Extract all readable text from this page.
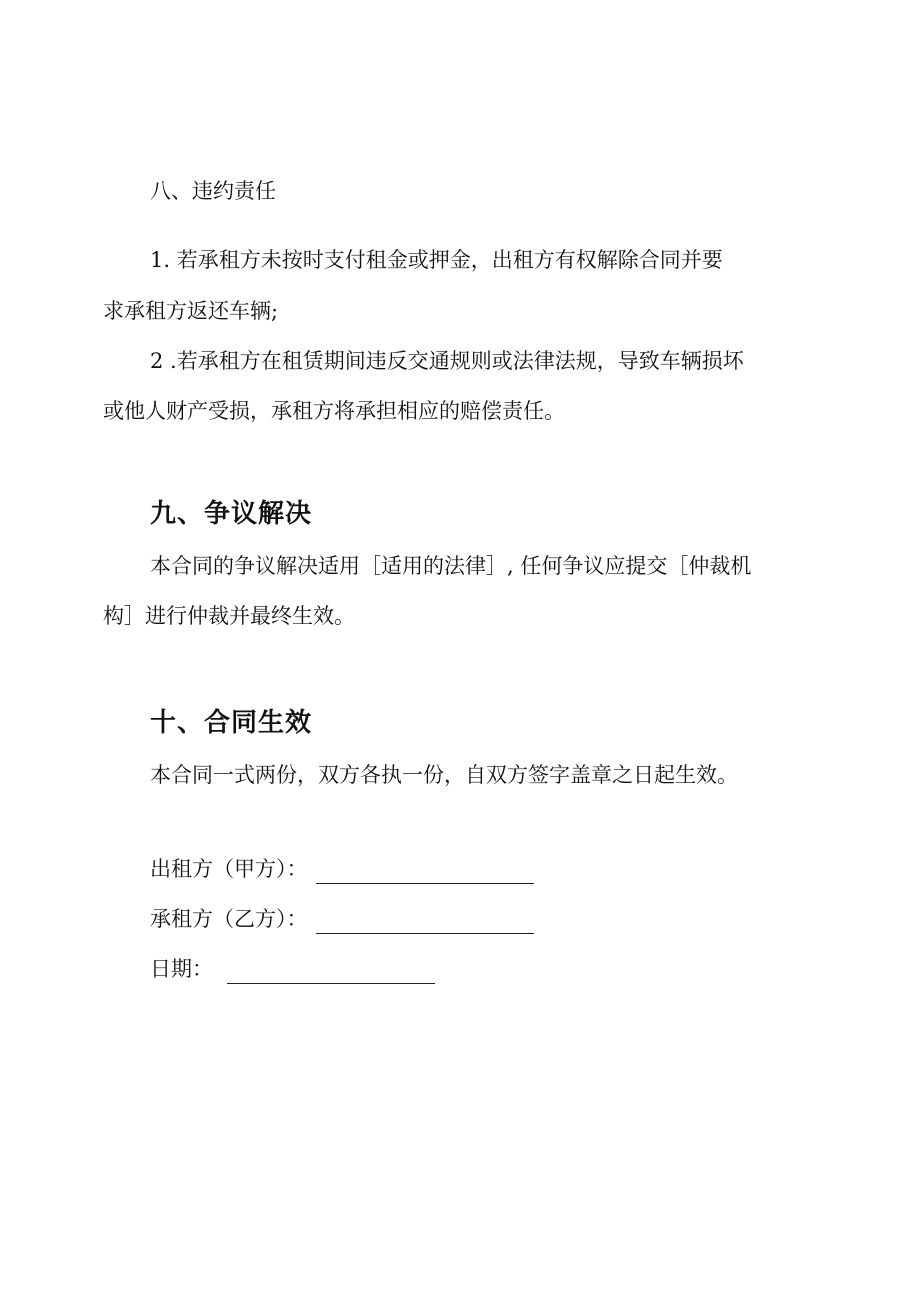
八、违约责任
1. 若承租方未按时支付租金或押金，出租方有权解除合同并要
求承租方返还车辆;
2 .若承租方在租赁期间违反交通规则或法律法规，导致车辆损坏
或他人财产受损，承租方将承担相应的赔偿责任。
九、争议解决
本合同的争议解决适用［适用的法律］, 任何争议应提交［仲裁机
构］进行仲裁并最终生效。
十、合同生效
本合同一式两份，双方各执一份，自双方签字盖章之日起生效。
出租方（甲方）：
承租方（乙方）：
日期：
